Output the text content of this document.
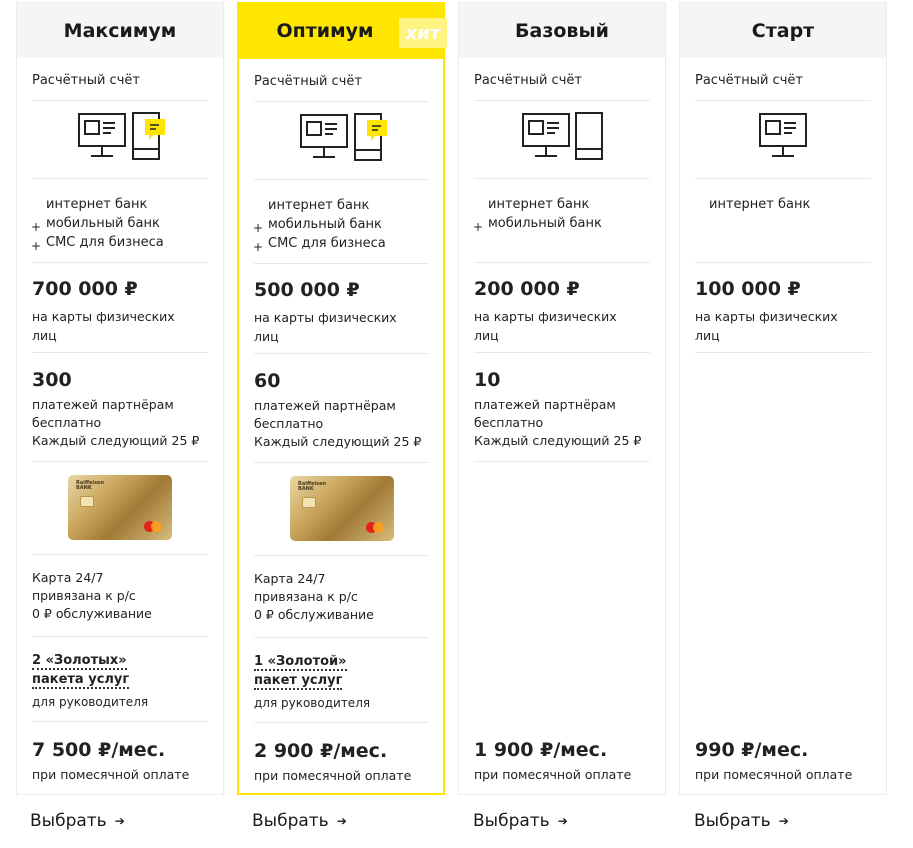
Максимум
Расчётный счёт
интернет банк
+ мобильный банк
+ СМС для бизнеса
700 000 ₽
на карты физических лиц
300
платежей партнёрам
бесплатно
Каждый следующий 25 ₽
Raiffeisen BANK
Карта 24/7
привязана к р/с
0 ₽ обслуживание
2 «Золотых»
пакета услуг
для руководителя
7 500 ₽/мес.
при помесячной оплате
Выбрать ➔
Оптимум	хит
Расчётный счёт
интернет банк
+ мобильный банк
+ СМС для бизнеса
500 000 ₽
на карты физических лиц
60
платежей партнёрам
бесплатно
Каждый следующий 25 ₽
Raiffeisen BANK
Карта 24/7
привязана к р/с
0 ₽ обслуживание
1 «Золотой»
пакет услуг
для руководителя
2 900 ₽/мес.
при помесячной оплате
Выбрать ➔
Базовый
Расчётный счёт
интернет банк
+ мобильный банк
200 000 ₽
на карты физических лиц
10
платежей партнёрам
бесплатно
Каждый следующий 25 ₽
1 900 ₽/мес.
при помесячной оплате
Выбрать ➔
Старт
Расчётный счёт
интернет банк
100 000 ₽
на карты физических лиц
990 ₽/мес.
при помесячной оплате
Выбрать ➔
